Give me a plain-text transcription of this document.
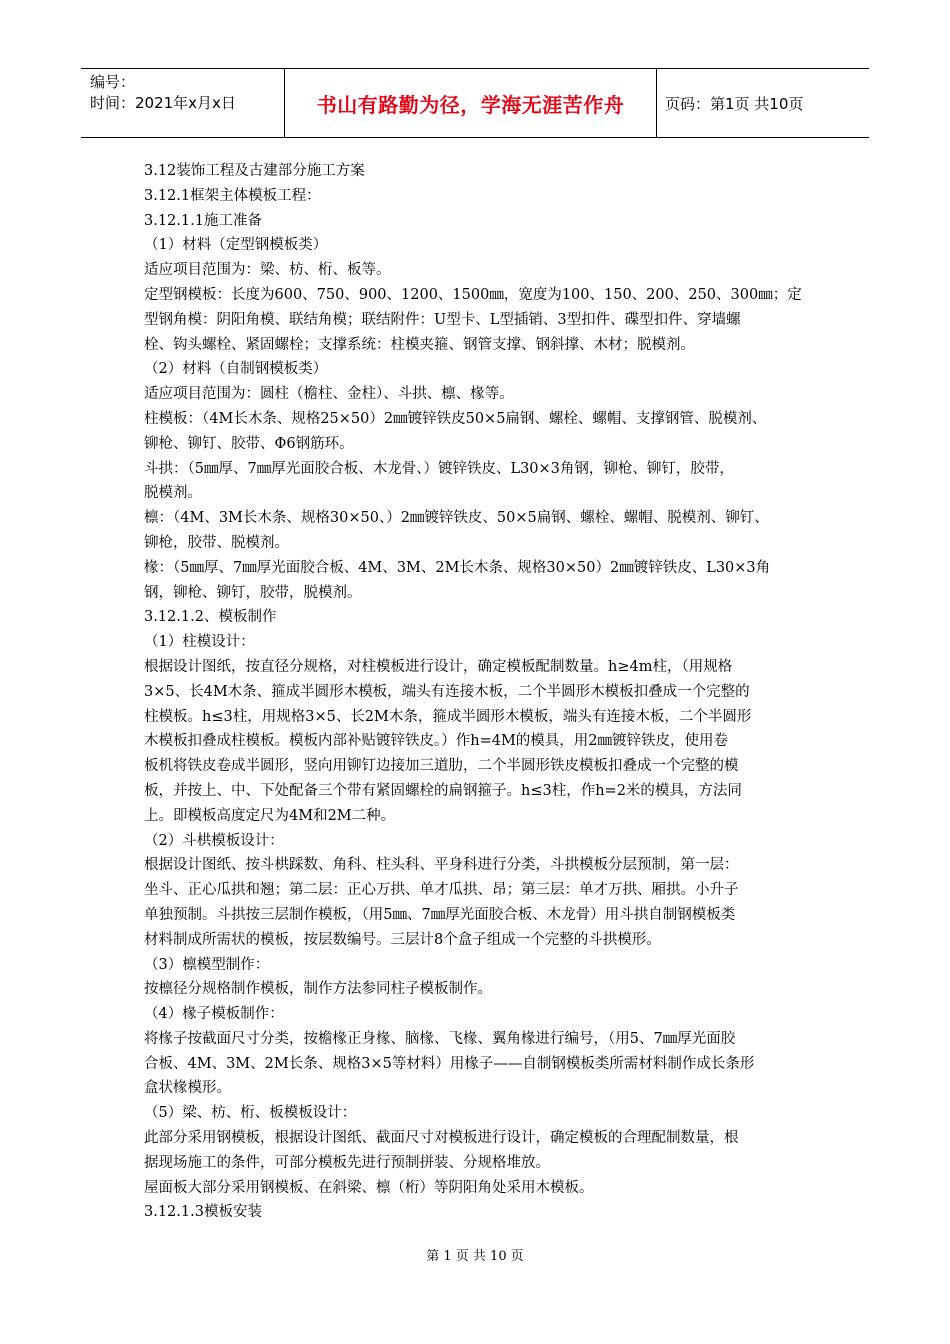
编号：
时间：2021年x月x日	书山有路勤为径，学海无涯苦作舟	页码：第1页 共10页

3.12装饰工程及古建部分施工方案

3.12.1框架主体模板工程：

3.12.1.1施工准备

（1）材料（定型钢模板类）

适应项目范围为：梁、枋、桁、板等。

定型钢模板：长度为600、750、900、1200、1500㎜，宽度为100、150、200、250、300㎜；定

型钢角模：阴阳角模、联结角模；联结附件：U型卡、L型插销、3型扣件、碟型扣件、穿墙螺

栓、钩头螺栓、紧固螺栓；支撑系统：柱模夹箍、钢管支撑、钢斜撑、木材；脱模剂。

（2）材料（自制钢模板类）

适应项目范围为：圆柱（檐柱、金柱）、斗拱、檩、椽等。

柱模板：（4M长木条、规格25×50）2㎜镀锌铁皮50×5扁钢、螺栓、螺帽、支撑钢管、脱模剂、

铆枪、铆钉、胶带、Φ6钢筋环。

斗拱：（5㎜厚、7㎜厚光面胶合板、木龙骨、）镀锌铁皮、L30×3角钢，铆枪、铆钉，胶带，

脱模剂。

檩：（4M、3M长木条、规格30×50、）2㎜镀锌铁皮、50×5扁钢、螺栓、螺帽、脱模剂、铆钉、

铆枪，胶带、脱模剂。

椽：（5㎜厚、7㎜厚光面胶合板、4M、3M、2M长木条、规格30×50）2㎜镀锌铁皮、L30×3角

钢，铆枪、铆钉，胶带，脱模剂。

3.12.1.2、模板制作

（1）柱模设计：

根据设计图纸，按直径分规格，对柱模板进行设计，确定模板配制数量。h≥4m柱，（用规格

3×5、长4M木条、箍成半圆形木模板，端头有连接木板，二个半圆形木模板扣叠成一个完整的

柱模板。h≤3柱，用规格3×5、长2M木条，箍成半圆形木模板，端头有连接木板，二个半圆形

木模板扣叠成柱模板。模板内部补贴镀锌铁皮。）作h=4M的模具，用2㎜镀锌铁皮，使用卷

板机将铁皮卷成半圆形，竖向用铆钉边接加三道肋，二个半圆形铁皮模板扣叠成一个完整的模

板，并按上、中、下处配备三个带有紧固螺栓的扁钢箍子。h≤3柱，作h=2米的模具，方法同

上。即模板高度定尺为4M和2M二种。

（2）斗栱模板设计：

根据设计图纸、按斗栱踩数、角科、柱头科、平身科进行分类，斗拱模板分层预制，第一层：

坐斗、正心瓜拱和翘；第二层：正心万拱、单才瓜拱、昂；第三层：单才万拱、厢拱。小升子

单独预制。斗拱按三层制作模板，（用5㎜、7㎜厚光面胶合板、木龙骨）用斗拱自制钢模板类

材料制成所需状的模板，按层数编号。三层计8个盒子组成一个完整的斗拱模形。

（3）檩模型制作：

按檩径分规格制作模板，制作方法参同柱子模板制作。

（4）椽子模板制作：

将椽子按截面尺寸分类，按檐椽正身椽、脑椽、飞椽、翼角椽进行编号，（用5、7㎜厚光面胶

合板、4M、3M、2M长条、规格3×5等材料）用椽子——自制钢模板类所需材料制作成长条形

盒状椽模形。

（5）梁、枋、桁、板模板设计：

此部分采用钢模板，根据设计图纸、截面尺寸对模板进行设计，确定模板的合理配制数量，根

据现场施工的条件，可部分模板先进行预制拼装、分规格堆放。

屋面板大部分采用钢模板、在斜梁、檩（桁）等阴阳角处采用木模板。

3.12.1.3模板安装

第 1 页 共 10 页
